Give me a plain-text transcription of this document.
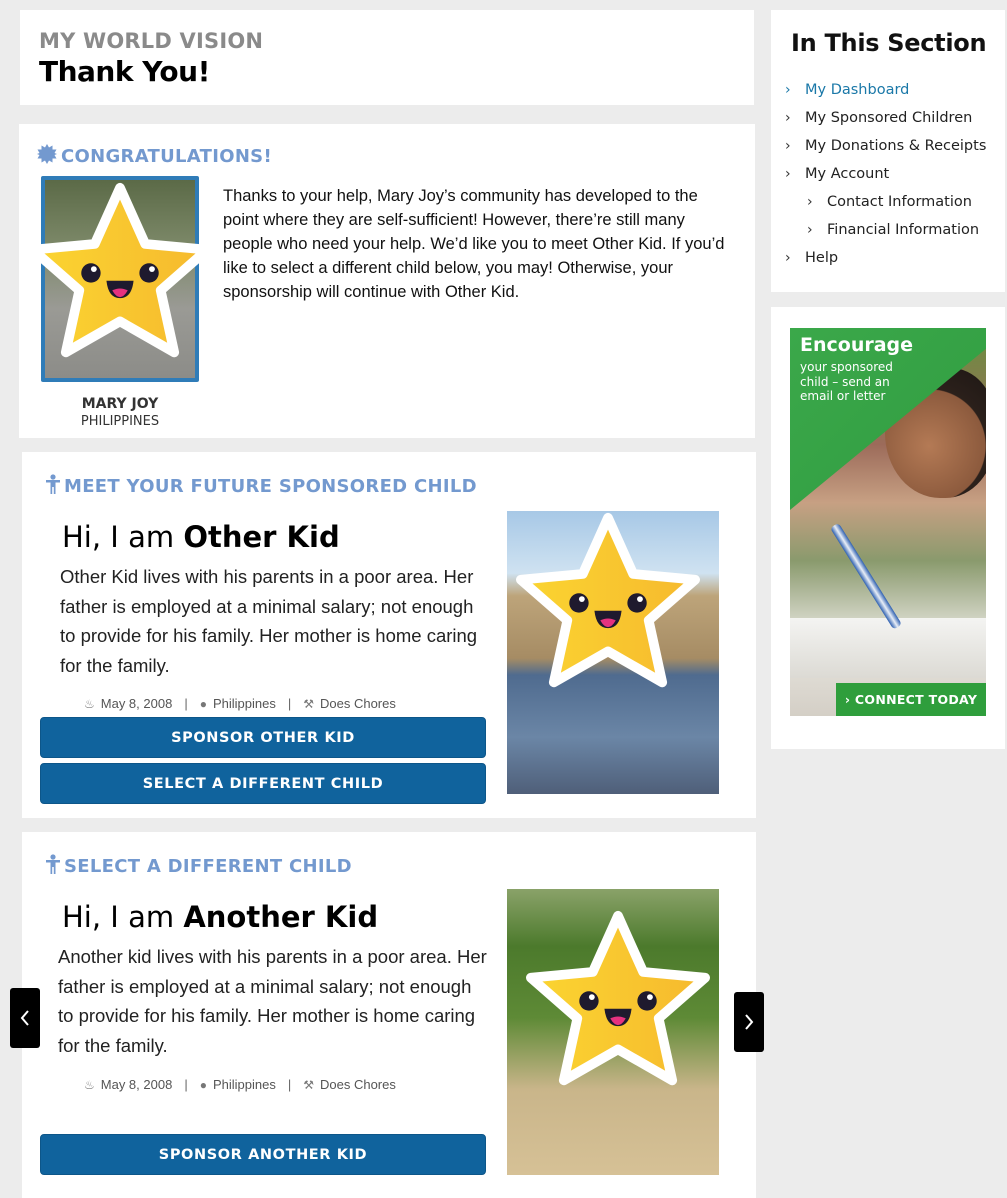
MY WORLD VISION
Thank You!
CONGRATULATIONS!
MARY JOY
PHILIPPINES

Thanks to your help, Mary Joy’s community has developed to the point where they are self-sufficient! However, there’re still many people who need your help. We’d like you to meet Other Kid. If you’d like to select a different child below, you may! Otherwise, your sponsorship will continue with Other Kid.

MEET YOUR FUTURE SPONSORED CHILD
Hi, I am Other Kid

Other Kid lives with his parents in a poor area. Her father is employed at a minimal salary; not enough to provide for his family. Her mother is home caring for the family.

♨ May 8, 2008 | ● Philippines | ⚒ Does Chores
SPONSOR OTHER KID
SELECT A DIFFERENT CHILD
SELECT A DIFFERENT CHILD
Hi, I am Another Kid

Another kid lives with his parents in a poor area. Her father is employed at a minimal salary; not enough to provide for his family. Her mother is home caring for the family.

♨ May 8, 2008 | ● Philippines | ⚒ Does Chores
SPONSOR ANOTHER KID
In This Section
› My Dashboard
› My Sponsored Children
› My Donations & Receipts
› My Account
› Contact Information
› Financial Information
› Help
Encourage
your sponsored child – send an email or letter
› CONNECT TODAY
